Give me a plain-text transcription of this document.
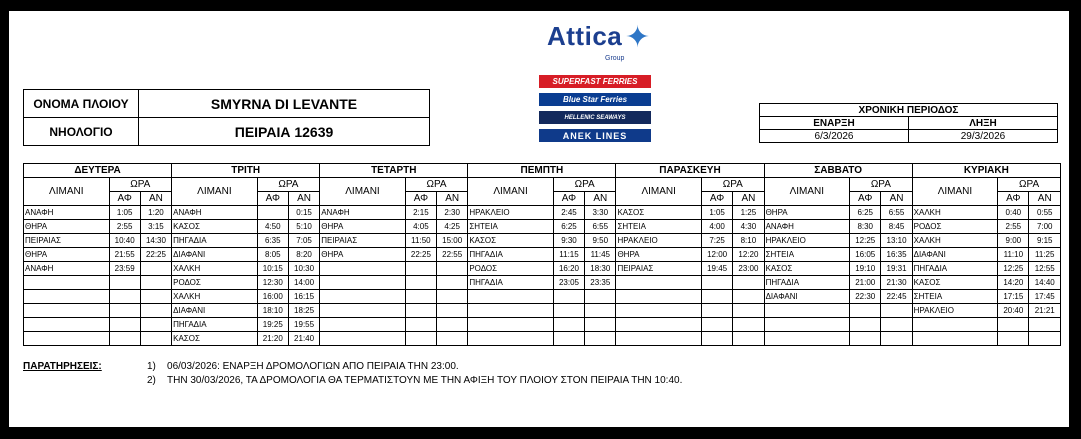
Attica ✦
Group
SUPERFAST FERRIES
Blue Star Ferries
HELLENIC SEAWAYS
ANEK LINES
ΟΝΟΜΑ ΠΛΟΙΟΥ	SMYRNA DI LEVANTE
ΝΗΟΛΟΓΙΟ	ΠΕΙΡΑΙΑ 12639
ΧΡΟΝΙΚΗ ΠΕΡΙΟΔΟΣ	
ΕΝΑΡΞΗ	ΛΗΞΗ
6/3/2026	29/3/2026
ΔΕΥΤΕΡΑ			ΤΡΙΤΗ			ΤΕΤΑΡΤΗ			ΠΕΜΠΤΗ			ΠΑΡΑΣΚΕΥΗ			ΣΑΒΒΑΤΟ			ΚΥΡΙΑΚΗ		
ΛΙΜΑΝΙ	ΩΡΑ		ΛΙΜΑΝΙ	ΩΡΑ		ΛΙΜΑΝΙ	ΩΡΑ		ΛΙΜΑΝΙ	ΩΡΑ		ΛΙΜΑΝΙ	ΩΡΑ		ΛΙΜΑΝΙ	ΩΡΑ		ΛΙΜΑΝΙ	ΩΡΑ	
	ΑΦ	ΑΝ		ΑΦ	ΑΝ		ΑΦ	ΑΝ		ΑΦ	ΑΝ		ΑΦ	ΑΝ		ΑΦ	ΑΝ		ΑΦ	ΑΝ
ΑΝΑΦΗ	1:05	1:20	ΑΝΑΦΗ		0:15	ΑΝΑΦΗ	2:15	2:30	ΗΡΑΚΛΕΙΟ	2:45	3:30	ΚΑΣΟΣ	1:05	1:25	ΘΗΡΑ	6:25	6:55	ΧΑΛΚΗ	0:40	0:55
ΘΗΡΑ	2:55	3:15	ΚΑΣΟΣ	4:50	5:10	ΘΗΡΑ	4:05	4:25	ΣΗΤΕΙΑ	6:25	6:55	ΣΗΤΕΙΑ	4:00	4:30	ΑΝΑΦΗ	8:30	8:45	ΡΟΔΟΣ	2:55	7:00
ΠΕΙΡΑΙΑΣ	10:40	14:30	ΠΗΓΑΔΙΑ	6:35	7:05	ΠΕΙΡΑΙΑΣ	11:50	15:00	ΚΑΣΟΣ	9:30	9:50	ΗΡΑΚΛΕΙΟ	7:25	8:10	ΗΡΑΚΛΕΙΟ	12:25	13:10	ΧΑΛΚΗ	9:00	9:15
ΘΗΡΑ	21:55	22:25	ΔΙΑΦΑΝΙ	8:05	8:20	ΘΗΡΑ	22:25	22:55	ΠΗΓΑΔΙΑ	11:15	11:45	ΘΗΡΑ	12:00	12:20	ΣΗΤΕΙΑ	16:05	16:35	ΔΙΑΦΑΝΙ	11:10	11:25
ΑΝΑΦΗ	23:59		ΧΑΛΚΗ	10:15	10:30				ΡΟΔΟΣ	16:20	18:30	ΠΕΙΡΑΙΑΣ	19:45	23:00	ΚΑΣΟΣ	19:10	19:31	ΠΗΓΑΔΙΑ	12:25	12:55
			ΡΟΔΟΣ	12:30	14:00				ΠΗΓΑΔΙΑ	23:05	23:35				ΠΗΓΑΔΙΑ	21:00	21:30	ΚΑΣΟΣ	14:20	14:40
			ΧΑΛΚΗ	16:00	16:15										ΔΙΑΦΑΝΙ	22:30	22:45	ΣΗΤΕΙΑ	17:15	17:45
			ΔΙΑΦΑΝΙ	18:10	18:25													ΗΡΑΚΛΕΙΟ	20:40	21:21
			ΠΗΓΑΔΙΑ	19:25	19:55															
			ΚΑΣΟΣ	21:20	21:40															
ΠΑΡΑΤΗΡΗΣΕΙΣ:	1) 06/03/2026: ΕΝΑΡΞΗ ΔΡΟΜΟΛΟΓΙΩΝ ΑΠΟ ΠΕΙΡΑΙΑ ΤΗΝ 23:00.
2) ΤΗΝ 30/03/2026, ΤΑ ΔΡΟΜΟΛΟΓΙΑ ΘΑ ΤΕΡΜΑΤΙΣΤΟΥΝ ΜΕ ΤΗΝ ΑΦΙΞΗ ΤΟΥ ΠΛΟΙΟΥ ΣΤΟΝ ΠΕΙΡΑΙΑ ΤΗΝ 10:40.
